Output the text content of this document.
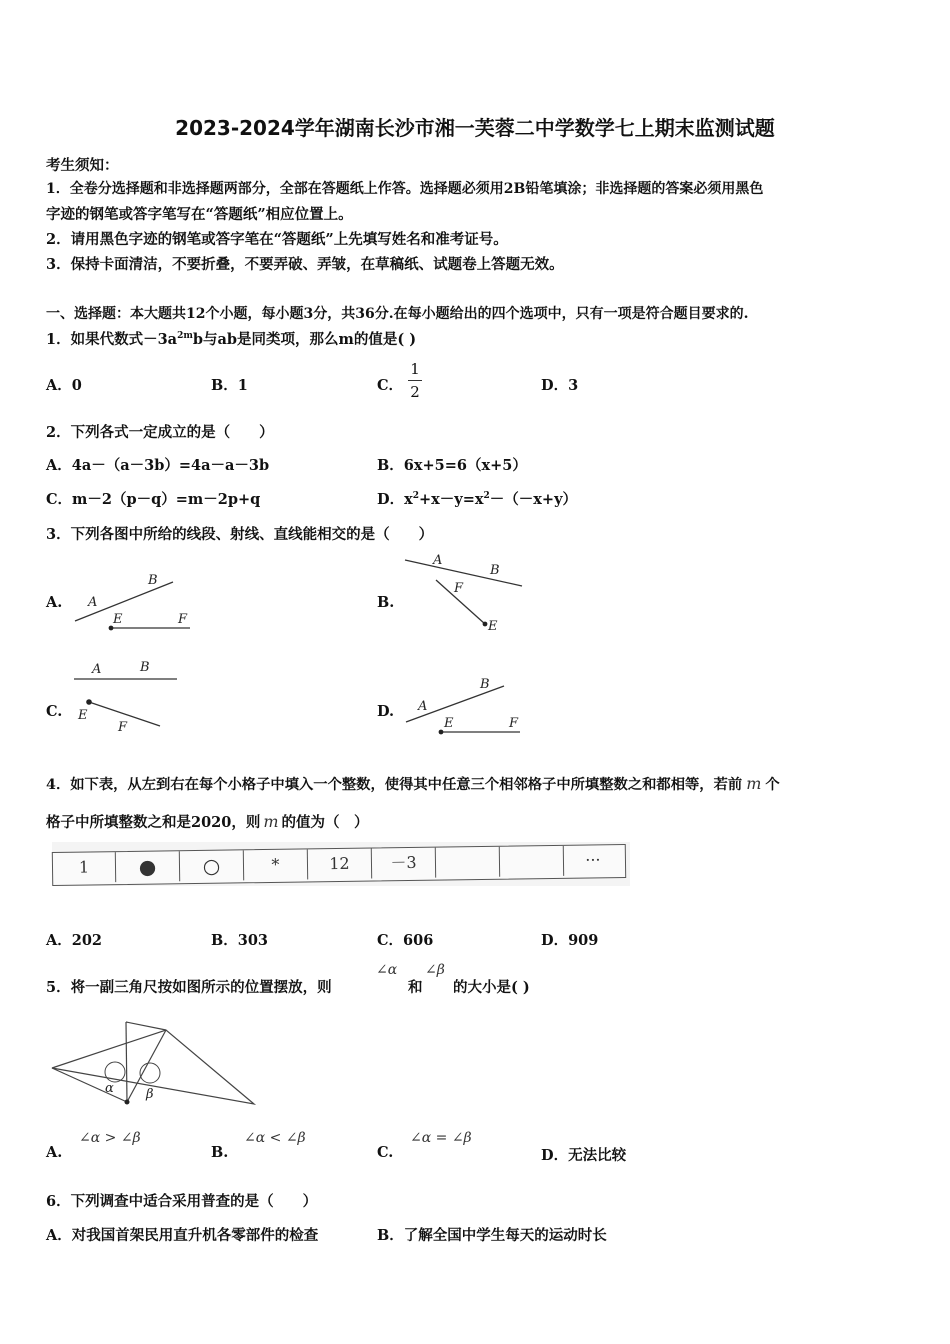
2023-2024学年湖南长沙市湘一芙蓉二中学数学七上期末监测试题
考生须知：
1．全卷分选择题和非选择题两部分，全部在答题纸上作答。选择题必须用2B铅笔填涂；非选择题的答案必须用黑色
字迹的钢笔或答字笔写在“答题纸”相应位置上。
2．请用黑色字迹的钢笔或答字笔在“答题纸”上先填写姓名和准考证号。
3．保持卡面清洁，不要折叠，不要弄破、弄皱，在草稿纸、试题卷上答题无效。
一、选择题：本大题共12个小题，每小题3分，共36分.在每小题给出的四个选项中，只有一项是符合题目要求的.
1．如果代数式$-3a^{2m}b$与ab是同类项，那么m的值是( )
A．0	B．1	C．
1
2	D．3
2．下列各式一定成立的是（　　）
A．4a－（a－3b）=4a－a－3b	B．6x+5=6（x+5）
C．m－2（p－q）=m－2p+q	D．$x^2+x-y=x^2-(-x+y)$
3．下列各图中所给的线段、射线、直线能相交的是（　　）
A. A
B
E	F
B.
A
B
F
E
C.
A	B
E
F
D. A
B
E	F
4．如下表，从左到右在每个小格子中填入一个整数，使得其中任意三个相邻格子中所填整数之和都相等，若前 m 个
格子中所填整数之和是2020，则 m 的值为（　）
1	●	○	*	12	－3	···
A．202	B．303	C．606	D．909
5．将一副三角尺按如图所示的位置摆放，则
∠α
和
∠β
的大小是( )
α β
A.
∠α > ∠β
B.
∠α < ∠β
C.
∠α = ∠β
D．无法比较
6．下列调查中适合采用普查的是（　　）
A．对我国首架民用直升机各零部件的检查	B．了解全国中学生每天的运动时长
